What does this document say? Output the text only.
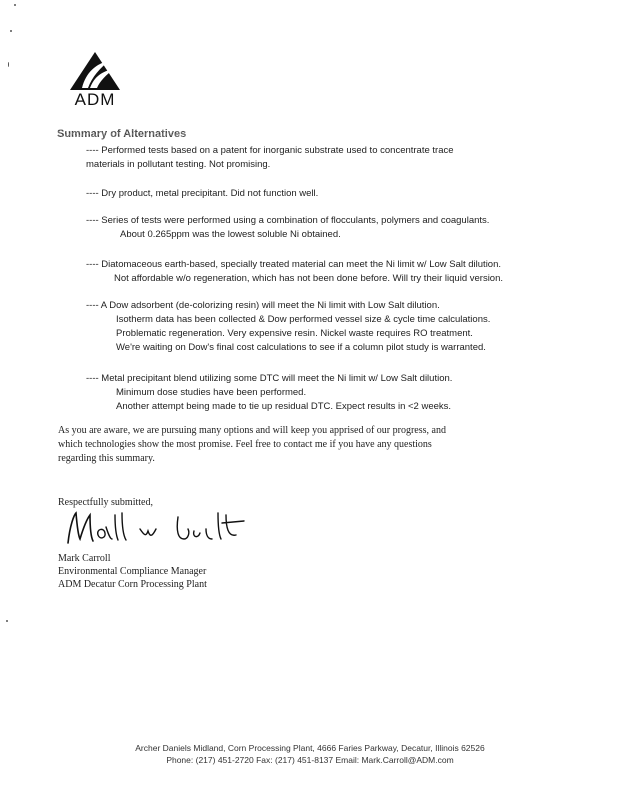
ADM
Summary of Alternatives

---- Performed tests based on a patent for inorganic substrate used to concentrate trace

materials in pollutant testing. Not promising.

---- Dry product, metal precipitant. Did not function well.

---- Series of tests were performed using a combination of flocculants, polymers and coagulants.

About 0.265ppm was the lowest soluble Ni obtained.

---- Diatomaceous earth-based, specially treated material can meet the Ni limit w/ Low Salt dilution.

Not affordable w/o regeneration, which has not been done before. Will try their liquid version.

---- A Dow adsorbent (de-colorizing resin) will meet the Ni limit with Low Salt dilution.

Isotherm data has been collected & Dow performed vessel size & cycle time calculations.

Problematic regeneration. Very expensive resin. Nickel waste requires RO treatment.

We're waiting on Dow's final cost calculations to see if a column pilot study is warranted.

---- Metal precipitant blend utilizing some DTC will meet the Ni limit w/ Low Salt dilution.

Minimum dose studies have been performed.

Another attempt being made to tie up residual DTC. Expect results in <2 weeks.

As you are aware, we are pursuing many options and will keep you apprised of our progress, and

which technologies show the most promise. Feel free to contact me if you have any questions

regarding this summary.

Respectfully submitted,

Mark Carroll

Environmental Compliance Manager

ADM Decatur Corn Processing Plant

Archer Daniels Midland, Corn Processing Plant, 4666 Faries Parkway, Decatur, Illinois 62526

Phone: (217) 451-2720 Fax: (217) 451-8137 Email: Mark.Carroll@ADM.com
